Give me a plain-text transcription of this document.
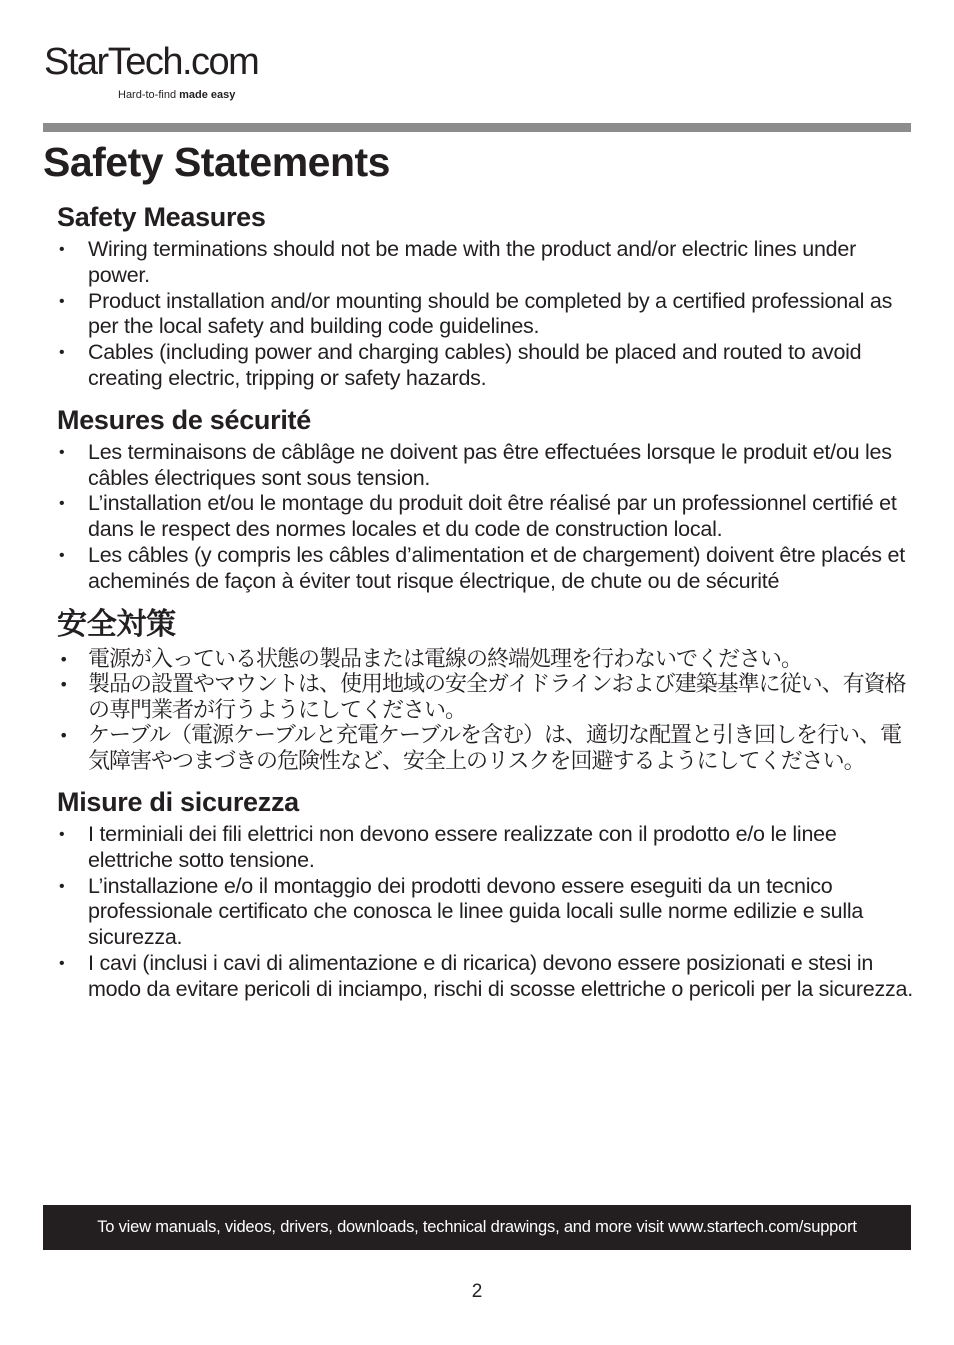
StarTech.com
Hard-to-find made easy
Safety Statements
Safety Measures
• Wiring terminations should not be made with the product and/or electric lines under power.
• Product installation and/or mounting should be completed by a certified professional as per the local safety and building code guidelines.
• Cables (including power and charging cables) should be placed and routed to avoid creating electric, tripping or safety hazards.
Mesures de sécurité
• Les terminaisons de câblâge ne doivent pas être effectuées lorsque le produit et/ou les câbles électriques sont sous tension.
• L’installation et/ou le montage du produit doit être réalisé par un professionnel certifié et dans le respect des normes locales et du code de construction local.
• Les câbles (y compris les câbles d’alimentation et de chargement) doivent être placés et acheminés de façon à éviter tout risque électrique, de chute ou de sécurité
安全対策
• 電源が入っている状態の製品または電線の終端処理を行わないでください。
• 製品の設置やマウントは、使用地域の安全ガイドラインおよび建築基準に従い、有資格の専門業者が行うようにしてください。
• ケーブル（電源ケーブルと充電ケーブルを含む）は、適切な配置と引き回しを行い、電気障害やつまづきの危険性など、安全上のリスクを回避するようにしてください。
Misure di sicurezza
• I terminiali dei fili elettrici non devono essere realizzate con il prodotto e/o le linee elettriche sotto tensione.
• L’installazione e/o il montaggio dei prodotti devono essere eseguiti da un tecnico professionale certificato che conosca le linee guida locali sulle norme edilizie e sulla sicurezza.
• I cavi (inclusi i cavi di alimentazione e di ricarica) devono essere posizionati e stesi in modo da evitare pericoli di inciampo, rischi di scosse elettriche o pericoli per la sicurezza.
To view manuals, videos, drivers, downloads, technical drawings, and more visit www.startech.com/support
2
